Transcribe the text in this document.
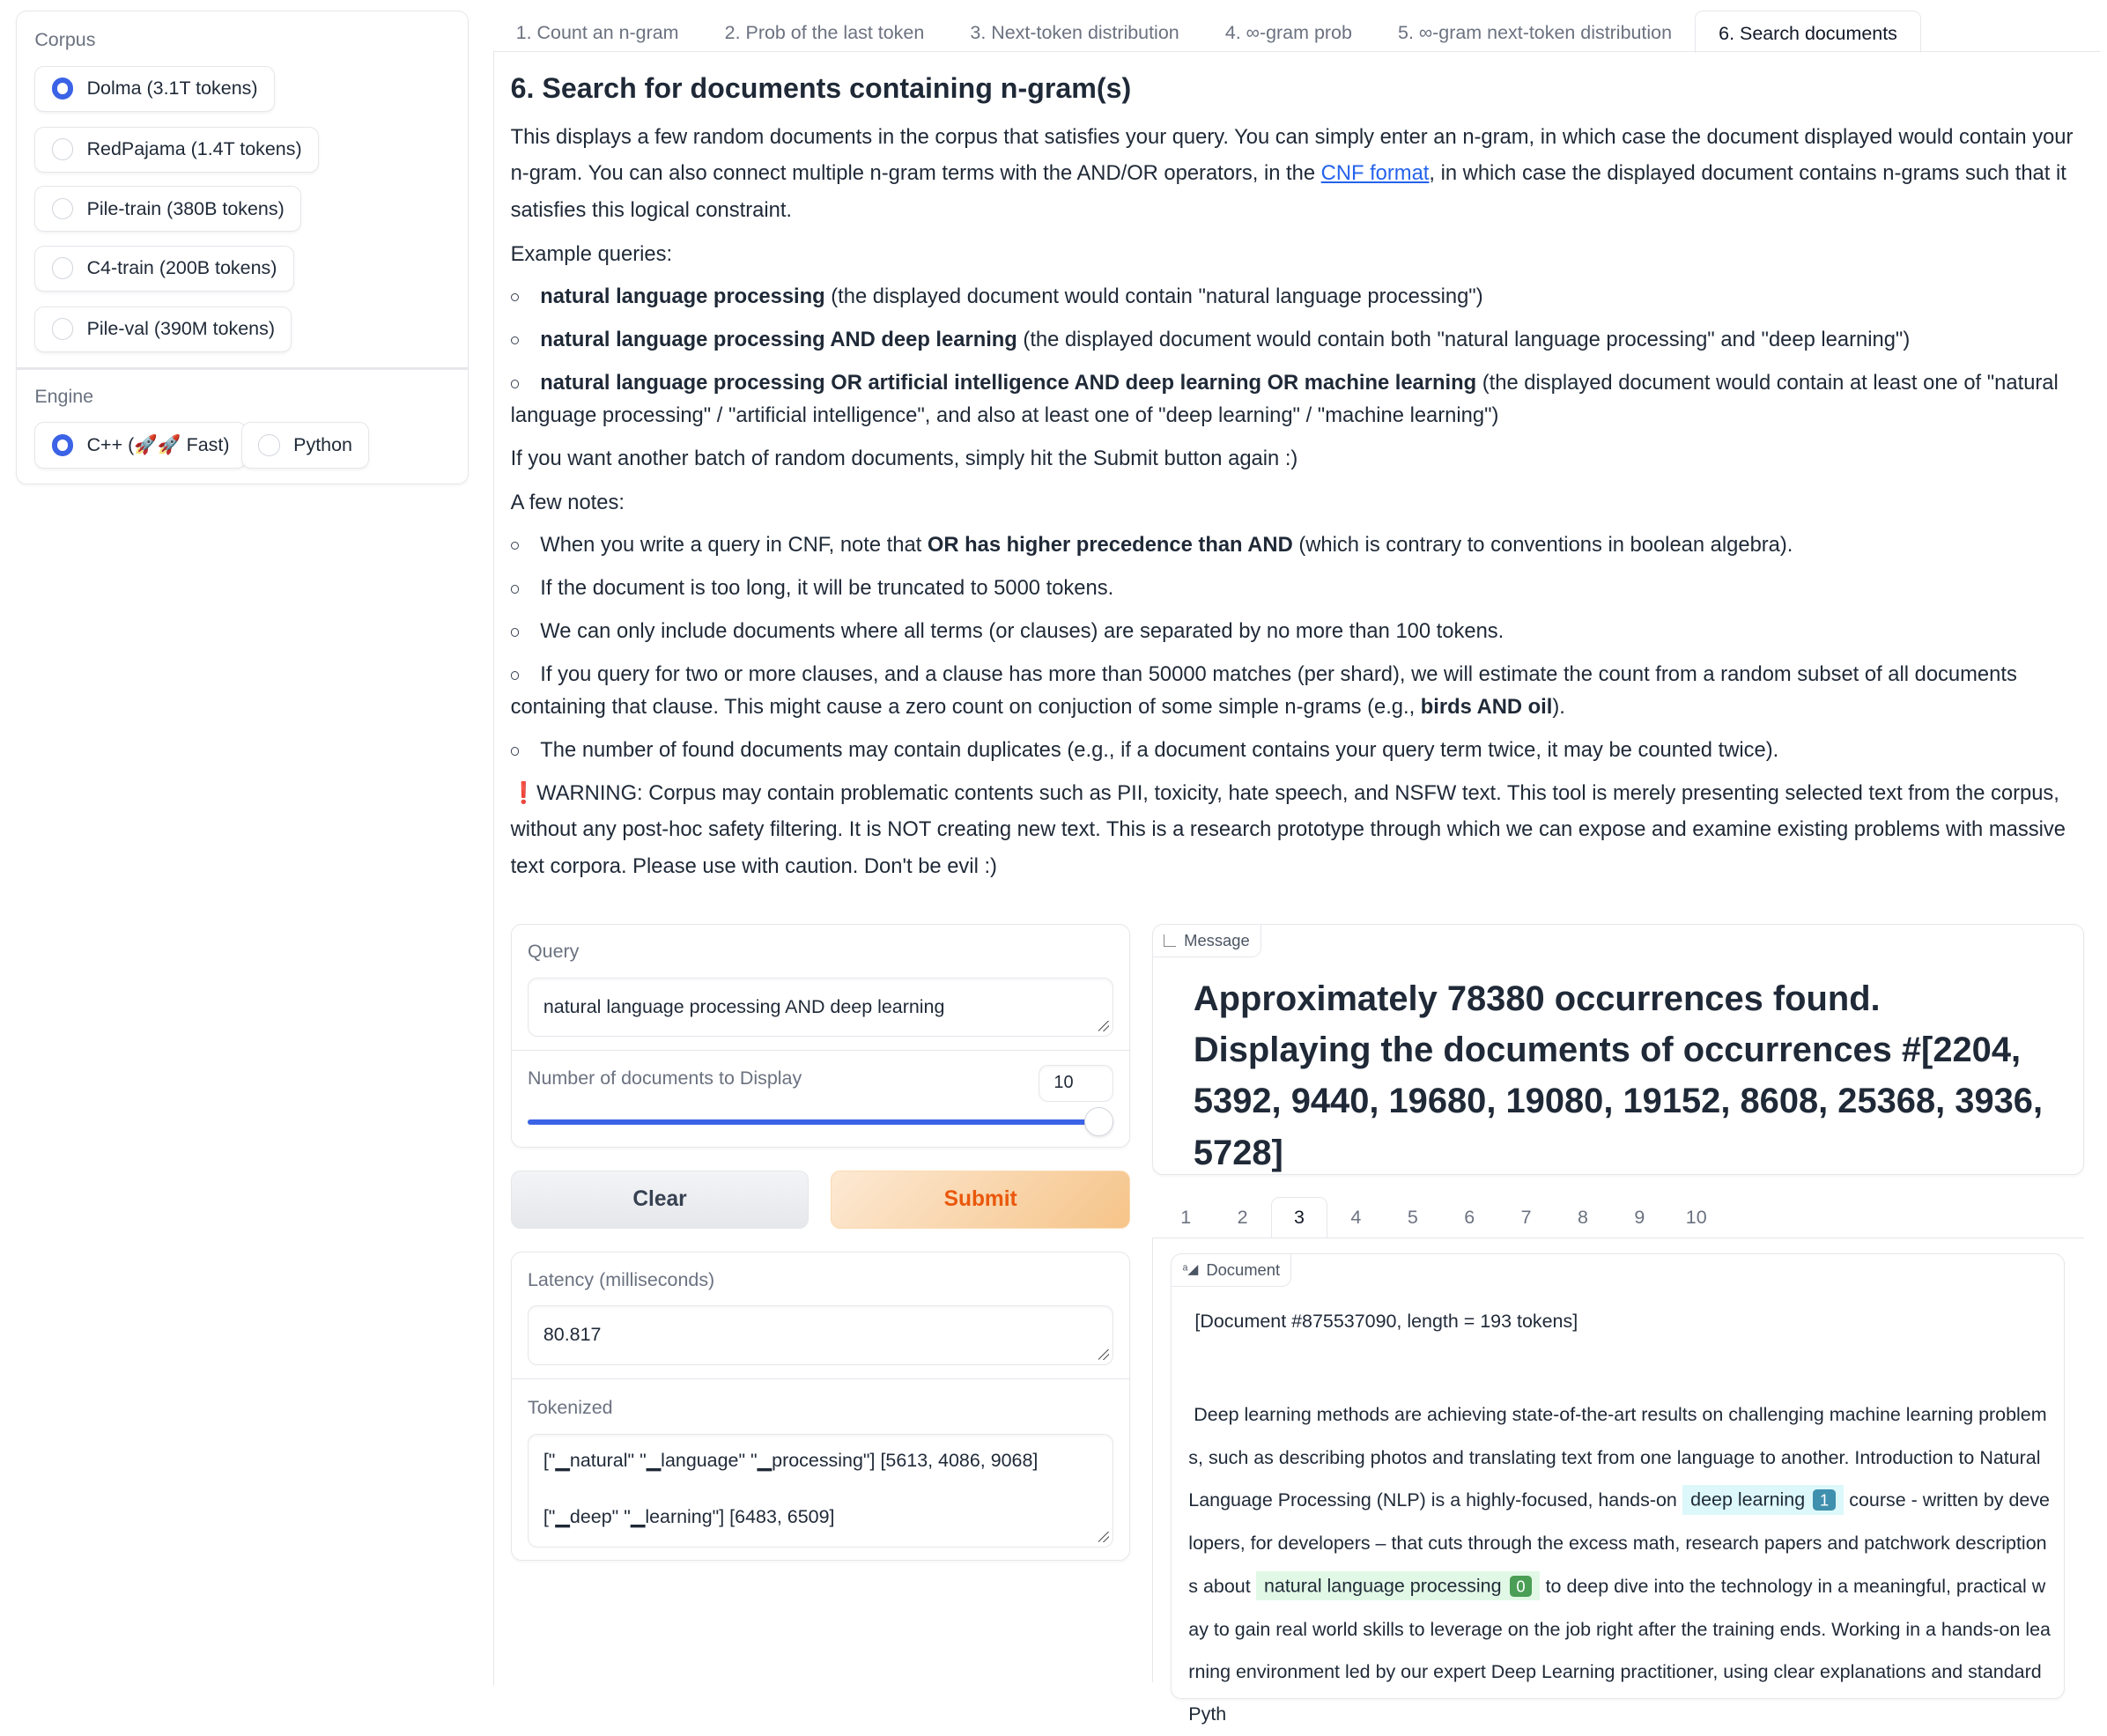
Corpus
Dolma (3.1T tokens)
RedPajama (1.4T tokens)
Pile-train (380B tokens)
C4-train (200B tokens)
Pile-val (390M tokens)
Engine
C++ (🚀🚀 Fast)	Python
1. Count an n-gram	2. Prob of the last token	3. Next-token distribution	4. ∞-gram prob	5. ∞-gram next-token distribution	6. Search documents
6. Search for documents containing n-gram(s)

This displays a few random documents in the corpus that satisfies your query. You can simply enter an n-gram, in which case the document displayed would contain your n-gram. You can also connect multiple n-gram terms with the AND/OR operators, in the CNF format, in which case the displayed document contains n-grams such that it satisfies this logical constraint.

Example queries:

natural language processing (the displayed document would contain "natural language processing")
natural language processing AND deep learning (the displayed document would contain both "natural language processing" and "deep learning")
natural language processing OR artificial intelligence AND deep learning OR machine learning (the displayed document would contain at least one of "natural language processing" / "artificial intelligence", and also at least one of "deep learning" / "machine learning")

If you want another batch of random documents, simply hit the Submit button again :)

A few notes:

When you write a query in CNF, note that OR has higher precedence than AND (which is contrary to conventions in boolean algebra).
If the document is too long, it will be truncated to 5000 tokens.
We can only include documents where all terms (or clauses) are separated by no more than 100 tokens.
If you query for two or more clauses, and a clause has more than 50000 matches (per shard), we will estimate the count from a random subset of all documents containing that clause. This might cause a zero count on conjuction of some simple n-grams (e.g., birds AND oil).
The number of found documents may contain duplicates (e.g., if a document contains your query term twice, it may be counted twice).

❗WARNING: Corpus may contain problematic contents such as PII, toxicity, hate speech, and NSFW text. This tool is merely presenting selected text from the corpus, without any post-hoc safety filtering. It is NOT creating new text. This is a research prototype through which we can expose and examine existing problems with massive text corpora. Please use with caution. Don't be evil :)

Query
natural language processing AND deep learning
Number of documents to Display	10
Clear	Submit
Latency (milliseconds)
80.817
Tokenized
["▁natural" "▁language" "▁processing"] [5613, 4086, 9068]
["▁deep" "▁learning"] [6483, 6509]
Message
Approximately 78380 occurrences found. Displaying the documents of occurrences #[2204, 5392, 9440, 19680, 19080, 19152, 8608, 25368, 3936, 5728]
1	2	3	4	5	6	7	8	9	10
ᵃ◢ Document
[Document #875537090, length = 193 tokens]
Deep learning methods are achieving state-of-the-art results on challenging machine learning problems, such as describing photos and translating text from one language to another. Introduction to Natural Language Processing (NLP) is a highly-focused, hands-on deep learning 1 course - written by developers, for developers – that cuts through the excess math, research papers and patchwork descriptions about natural language processing 0 to deep dive into the technology in a meaningful, practical way to gain real world skills to leverage on the job right after the training ends. Working in a hands-on learning environment led by our expert Deep Learning practitioner, using clear explanations and standard Pyth
